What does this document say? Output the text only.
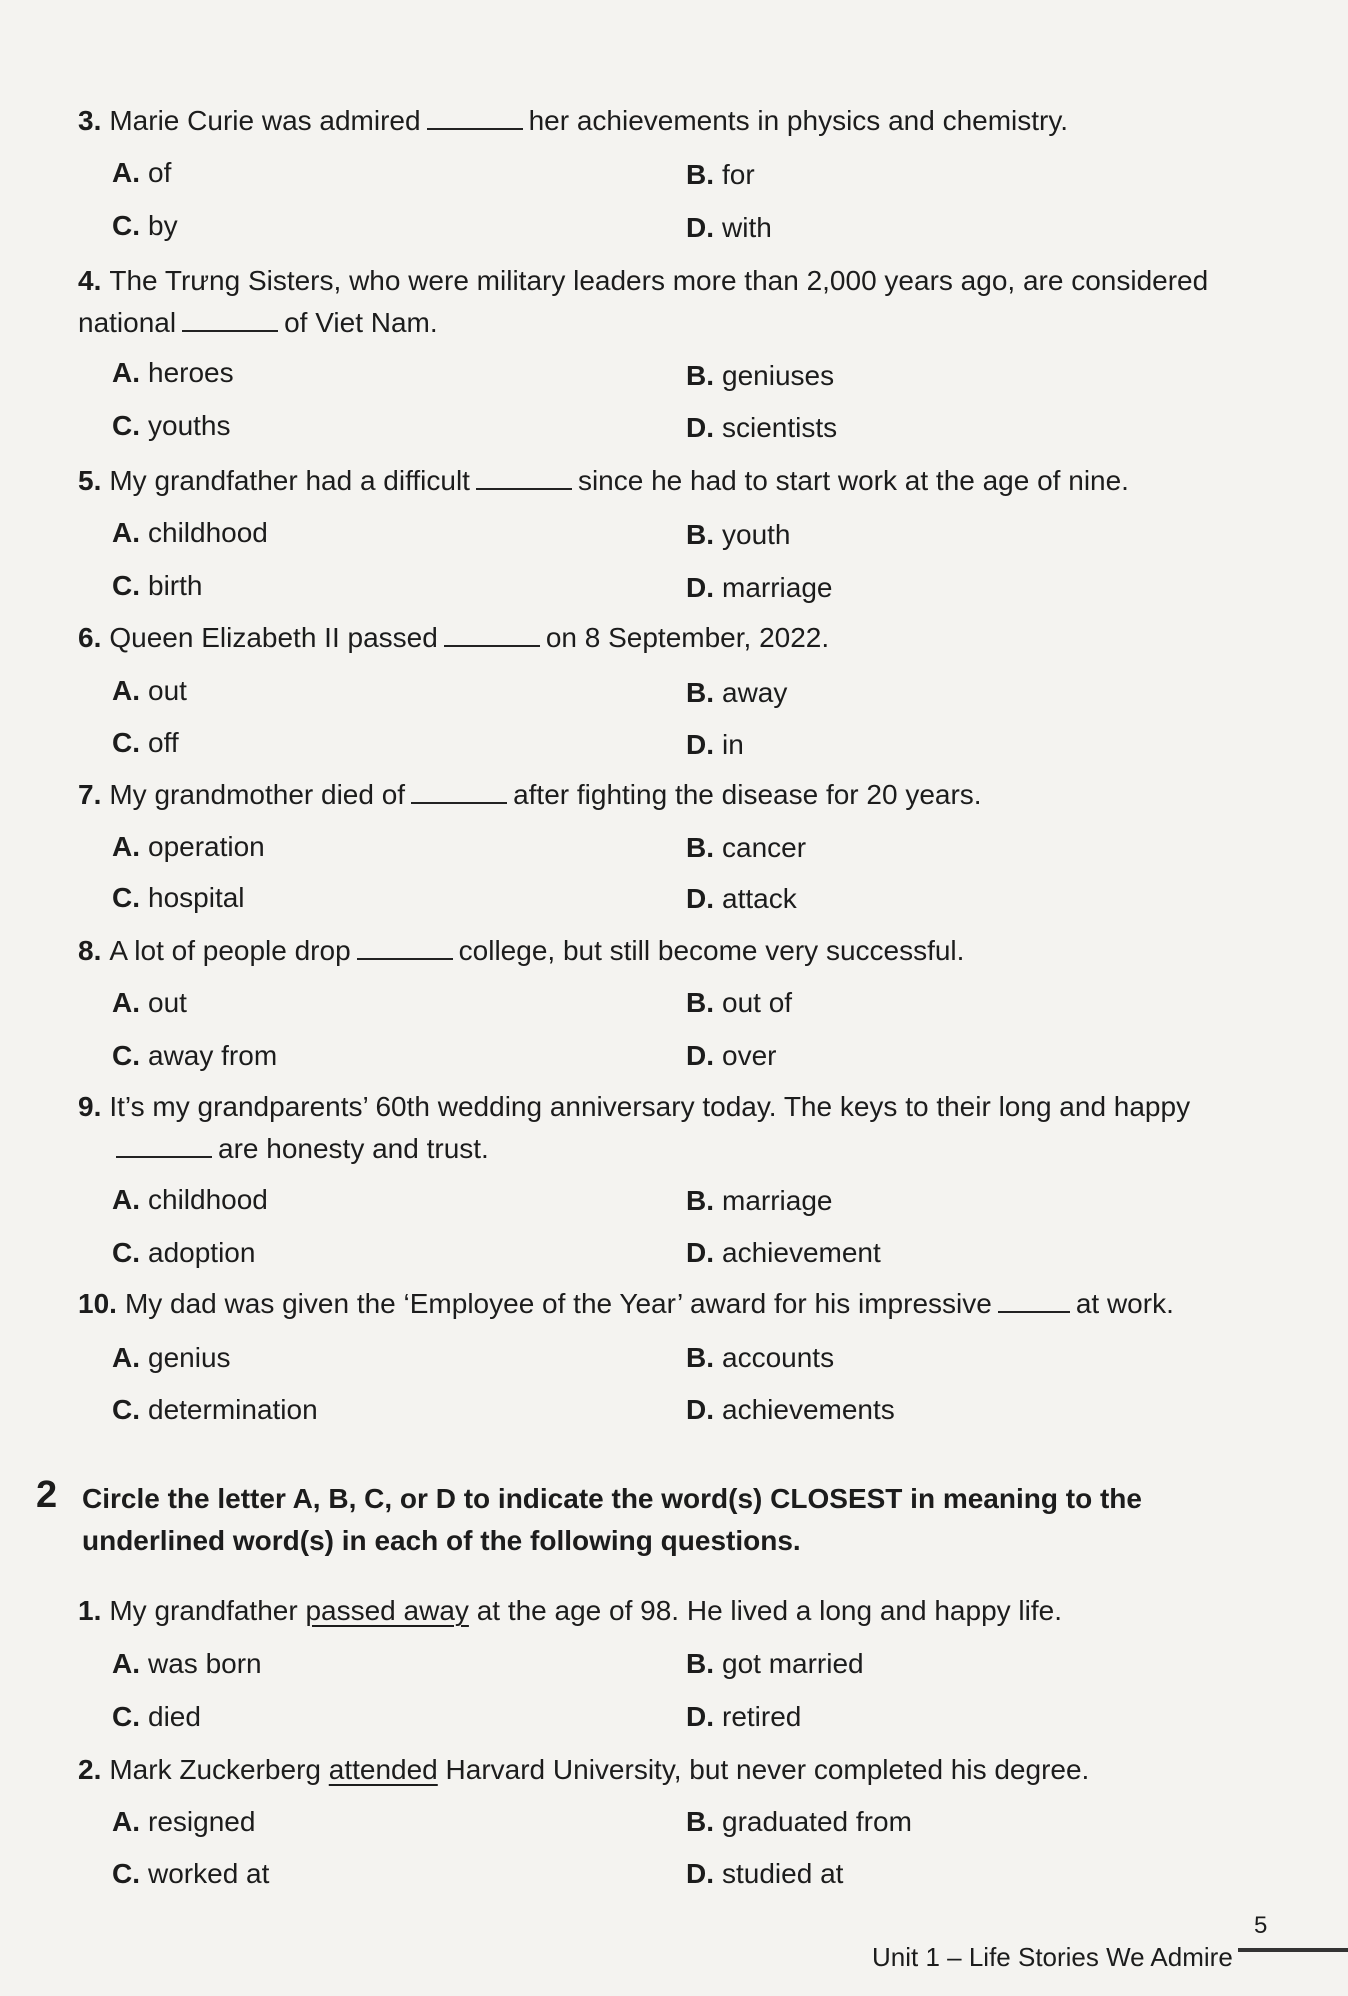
3. Marie Curie was admired	her achievements in physics and chemistry.
A. of	B. for
C. by	D. with
4. The Trưng Sisters, who were military leaders more than 2,000 years ago, are considered
national	of Viet Nam.
A. heroes	B. geniuses
C. youths	D. scientists
5. My grandfather had a difficult	since he had to start work at the age of nine.
A. childhood	B. youth
C. birth	D. marriage
6. Queen Elizabeth II passed	on 8 September, 2022.
A. out	B. away
C. off	D. in
7. My grandmother died of	after fighting the disease for 20 years.
A. operation	B. cancer
C. hospital	D. attack
8. A lot of people drop	college, but still become very successful.
A. out	B. out of
C. away from	D. over
9. It’s my grandparents’ 60th wedding anniversary today. The keys to their long and happy
are honesty and trust.
A. childhood	B. marriage
C. adoption	D. achievement
10. My dad was given the ‘Employee of the Year’ award for his impressive	at work.
A. genius	B. accounts
C. determination	D. achievements
2 Circle the letter A, B, C, or D to indicate the word(s) CLOSEST in meaning to the underlined word(s) in each of the following questions.
1. My grandfather passed away at the age of 98. He lived a long and happy life.
A. was born	B. got married
C. died	D. retired
2. Mark Zuckerberg attended Harvard University, but never completed his degree.
A. resigned	B. graduated from
C. worked at	D. studied at
Unit 1 – Life Stories We Admire
5
